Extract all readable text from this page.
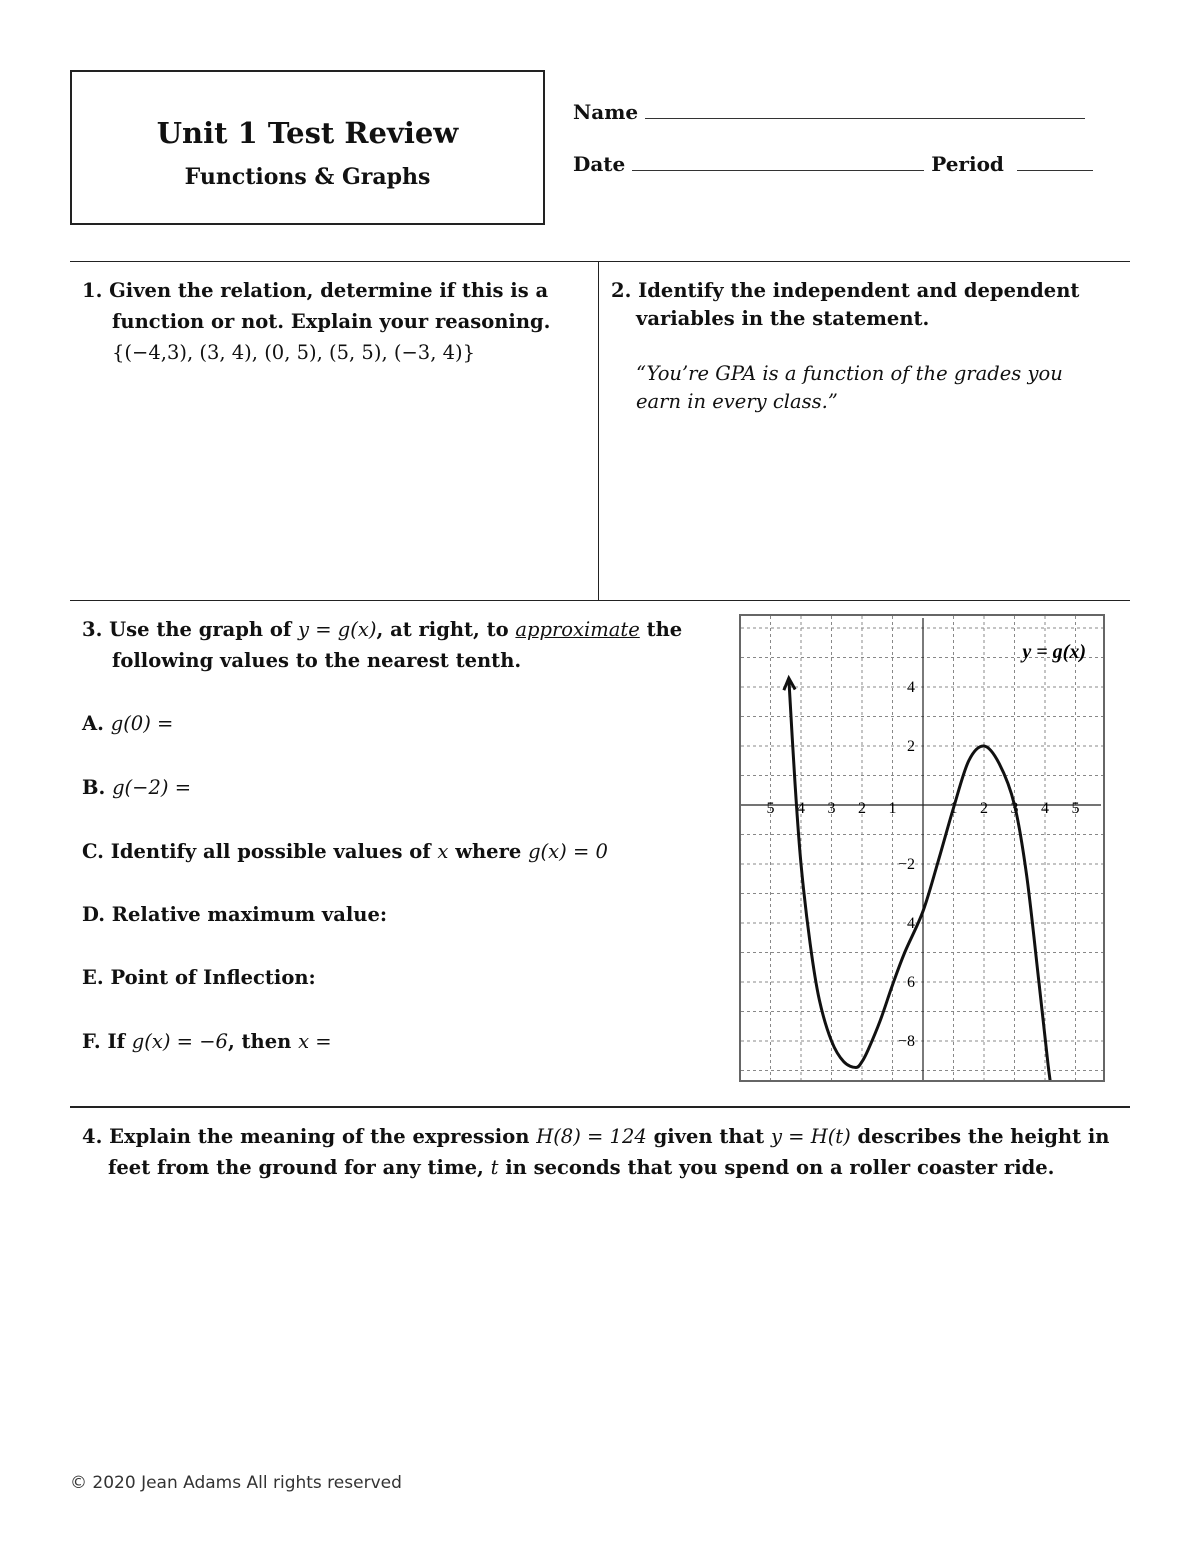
Unit 1 Test Review
Functions & Graphs
Name
Date	Period
1. Given the relation, determine if this is a
function or not. Explain your reasoning.
{(−4,3), (3, 4), (0, 5), (5, 5), (−3, 4)}
2. Identify the independent and dependent
variables in the statement.
“You’re GPA is a function of the grades you
earn in every class.”
3. Use the graph of y = g(x), at right, to approximate the
following values to the nearest tenth.
A. g(0) =
B. g(−2) =
C. Identify all possible values of x where g(x) = 0
D. Relative maximum value:
E. Point of Inflection:
F. If g(x) = −6, then x =
5 4 3 2 1	1 2 3 4 5
4
2
−2
4
6
−8
y = g(x)
4. Explain the meaning of the expression H(8) = 124 given that y = H(t) describes the height in
feet from the ground for any time, t in seconds that you spend on a roller coaster ride.
© 2020 Jean Adams All rights reserved
